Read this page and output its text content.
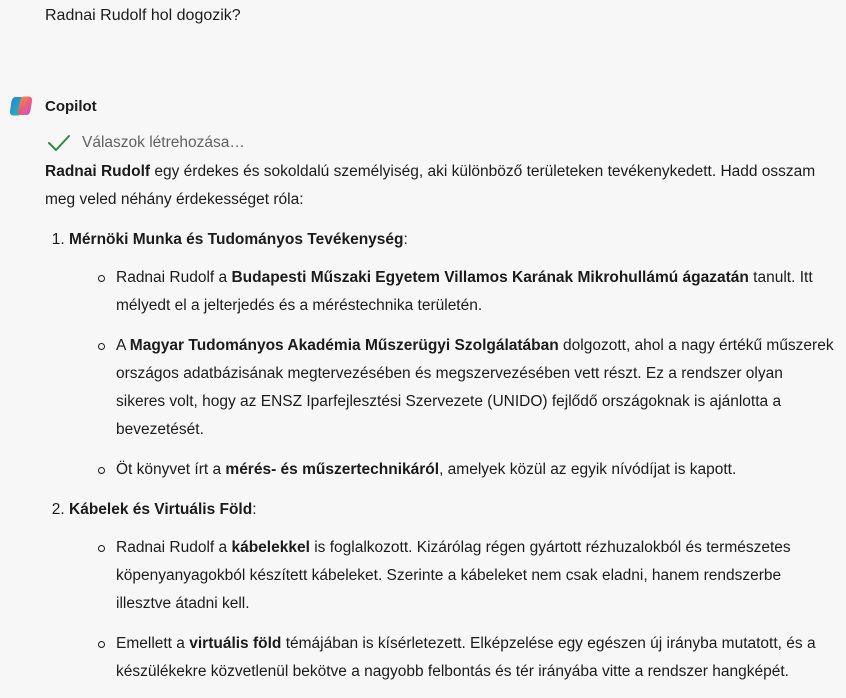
Radnai Rudolf hol dogozik?
Copilot
Válaszok létrehozása…

Radnai Rudolf egy érdekes és sokoldalú személyiség, aki különböző területeken tevékenykedett. Hadd osszam meg veled néhány érdekességet róla:

1. Mérnöki Munka és Tudományos Tevékenység:
Radnai Rudolf a Budapesti Műszaki Egyetem Villamos Karának Mikrohullámú ágazatán tanult. Itt mélyedt el a jelterjedés és a méréstechnika területén.
A Magyar Tudományos Akadémia Műszerügyi Szolgálatában dolgozott, ahol a nagy értékű műszerek országos adatbázisának megtervezésében és megszervezésében vett részt. Ez a rendszer olyan sikeres volt, hogy az ENSZ Iparfejlesztési Szervezete (UNIDO) fejlődő országoknak is ajánlotta a bevezetését.
Öt könyvet írt a mérés- és műszertechnikáról, amelyek közül az egyik nívódíjat is kapott.
2. Kábelek és Virtuális Föld:
Radnai Rudolf a kábelekkel is foglalkozott. Kizárólag régen gyártott rézhuzalokból és természetes köpenyanyagokból készített kábeleket. Szerinte a kábeleket nem csak eladni, hanem rendszerbe illesztve átadni kell.
Emellett a virtuális föld témájában is kísérletezett. Elképzelése egy egészen új irányba mutatott, és a készülékekre közvetlenül bekötve a nagyobb felbontás és tér irányába vitte a rendszer hangképét.
